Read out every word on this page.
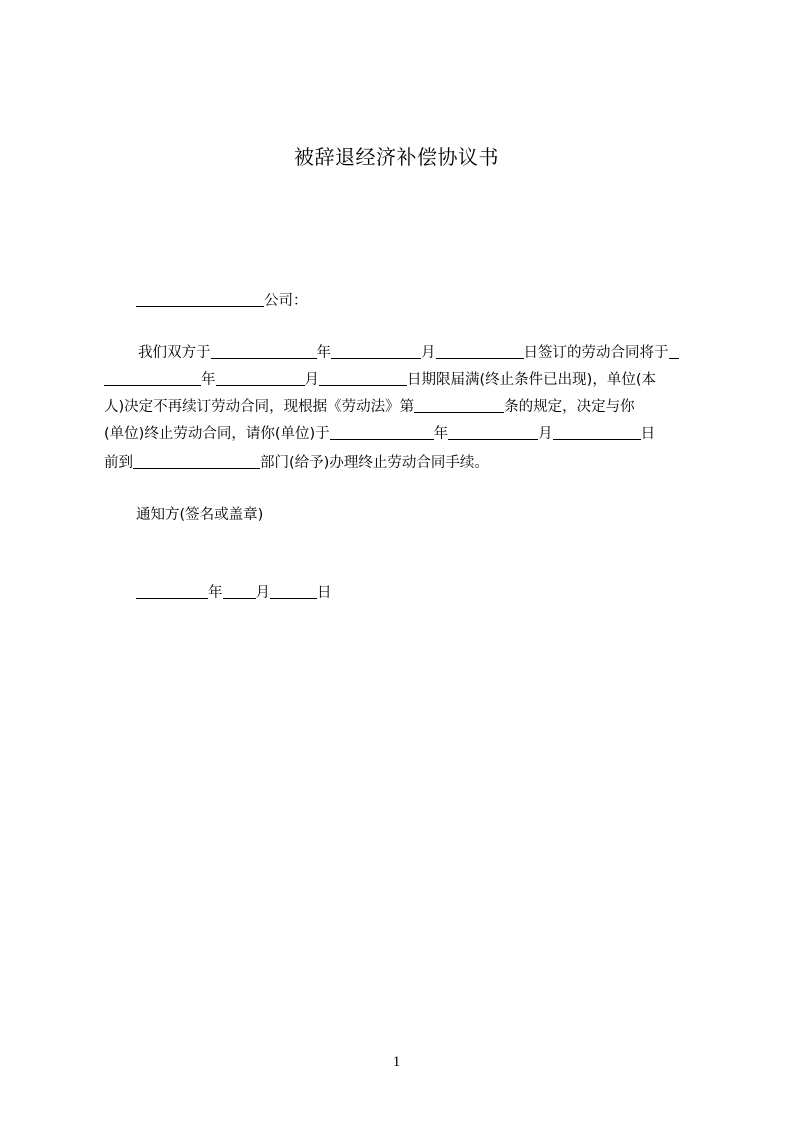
被辞退经济补偿协议书
公司：
我们双方于	年	月	日签订的劳动合同将于
年	月	日期限届满(终止条件已出现)，单位(本
人)决定不再续订劳动合同，现根据《劳动法》第	条的规定，决定与你
(单位)终止劳动合同，请你(单位)于	年	月	日
前到	部门(给予)办理终止劳动合同手续。
通知方(签名或盖章)
年 月	日
1
